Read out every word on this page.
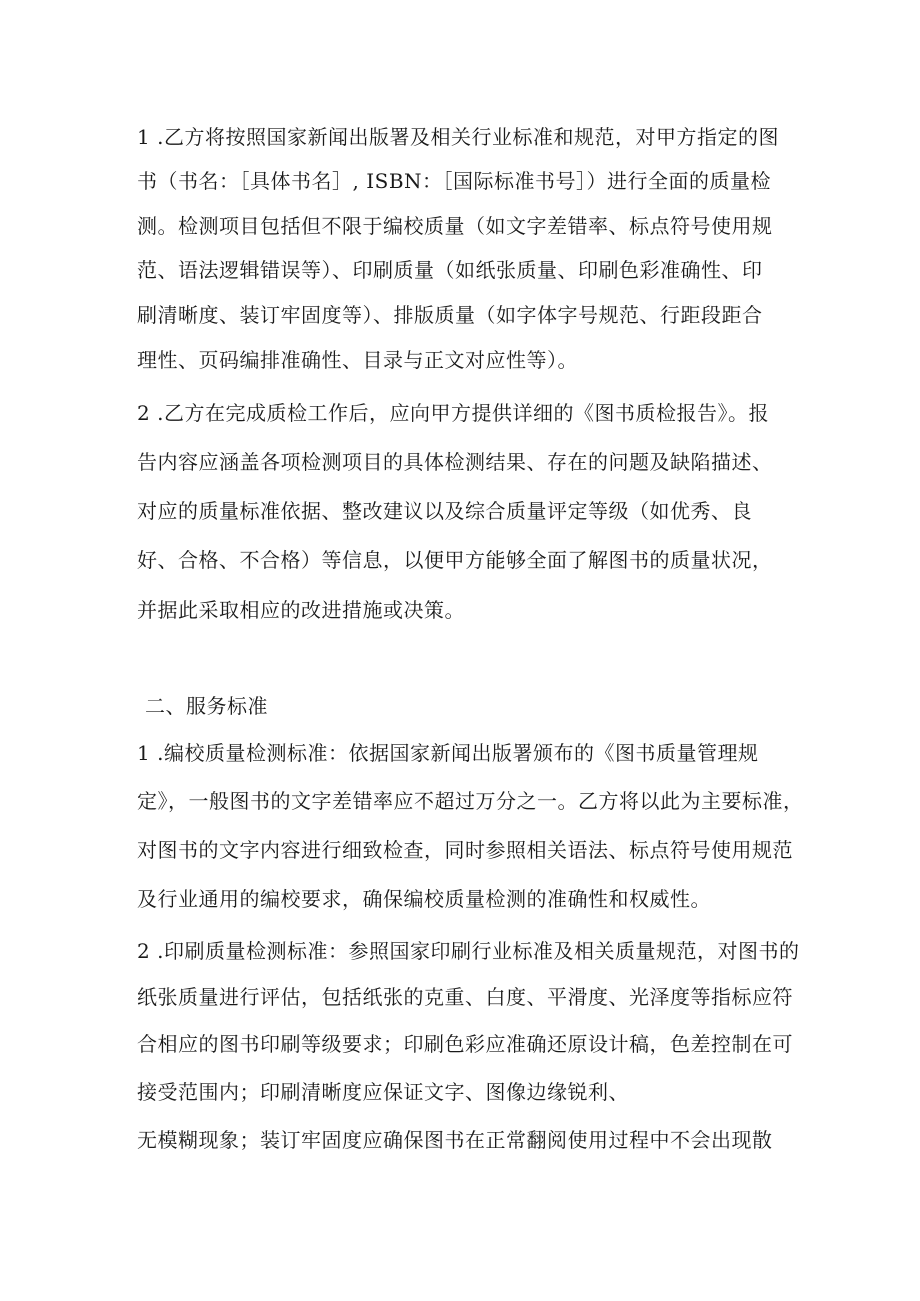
1 .乙方将按照国家新闻出版署及相关行业标准和规范，对甲方指定的图
书（书名：［具体书名］, ISBN：［国际标准书号］）进行全面的质量检
测。检测项目包括但不限于编校质量（如文字差错率、标点符号使用规
范、语法逻辑错误等）、印刷质量（如纸张质量、印刷色彩准确性、印
刷清晰度、装订牢固度等）、排版质量（如字体字号规范、行距段距合
理性、页码编排准确性、目录与正文对应性等）。
2 .乙方在完成质检工作后，应向甲方提供详细的《图书质检报告》。报
告内容应涵盖各项检测项目的具体检测结果、存在的问题及缺陷描述、
对应的质量标准依据、整改建议以及综合质量评定等级（如优秀、良
好、合格、不合格）等信息，以便甲方能够全面了解图书的质量状况，
并据此采取相应的改进措施或决策。
二、服务标准
1 .编校质量检测标准：依据国家新闻出版署颁布的《图书质量管理规
定》，一般图书的文字差错率应不超过万分之一。乙方将以此为主要标准，
对图书的文字内容进行细致检查，同时参照相关语法、标点符号使用规范
及行业通用的编校要求，确保编校质量检测的准确性和权威性。
2 .印刷质量检测标准：参照国家印刷行业标准及相关质量规范，对图书的
纸张质量进行评估，包括纸张的克重、白度、平滑度、光泽度等指标应符
合相应的图书印刷等级要求；印刷色彩应准确还原设计稿，色差控制在可
接受范围内；印刷清晰度应保证文字、图像边缘锐利、
无模糊现象；装订牢固度应确保图书在正常翻阅使用过程中不会出现散
